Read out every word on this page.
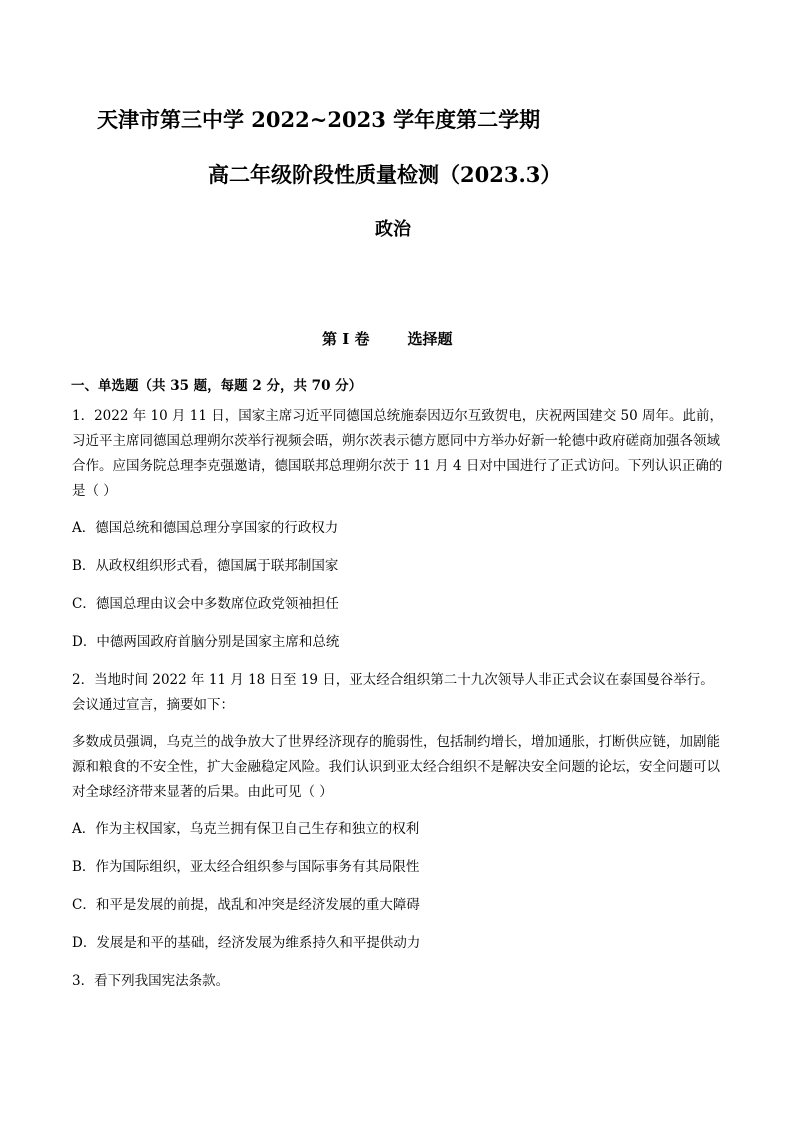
天津市第三中学 2022~2023 学年度第二学期
高二年级阶段性质量检测（2023.3）
政治
第 I 卷	选择题
一、单选题（共 35 题，每题 2 分，共 70 分）

1．2022 年 10 月 11 日，国家主席习近平同德国总统施泰因迈尔互致贺电，庆祝两国建交 50 周年。此前，习近平主席同德国总理朔尔茨举行视频会晤，朔尔茨表示德方愿同中方举办好新一轮德中政府磋商加强各领域合作。应国务院总理李克强邀请，德国联邦总理朔尔茨于 11 月 4 日对中国进行了正式访问。下列认识正确的是（ ）

A．德国总统和德国总理分享国家的行政权力

B．从政权组织形式看，德国属于联邦制国家

C．德国总理由议会中多数席位政党领袖担任

D．中德两国政府首脑分别是国家主席和总统

2．当地时间 2022 年 11 月 18 日至 19 日，亚太经合组织第二十九次领导人非正式会议在泰国曼谷举行。会议通过宣言，摘要如下：

多数成员强调，乌克兰的战争放大了世界经济现存的脆弱性，包括制约增长，增加通胀，打断供应链，加剧能源和粮食的不安全性，扩大金融稳定风险。我们认识到亚太经合组织不是解决安全问题的论坛，安全问题可以对全球经济带来显著的后果。由此可见（ ）

A．作为主权国家，乌克兰拥有保卫自己生存和独立的权利

B．作为国际组织，亚太经合组织参与国际事务有其局限性

C．和平是发展的前提，战乱和冲突是经济发展的重大障碍

D．发展是和平的基础，经济发展为维系持久和平提供动力

3．看下列我国宪法条款。
